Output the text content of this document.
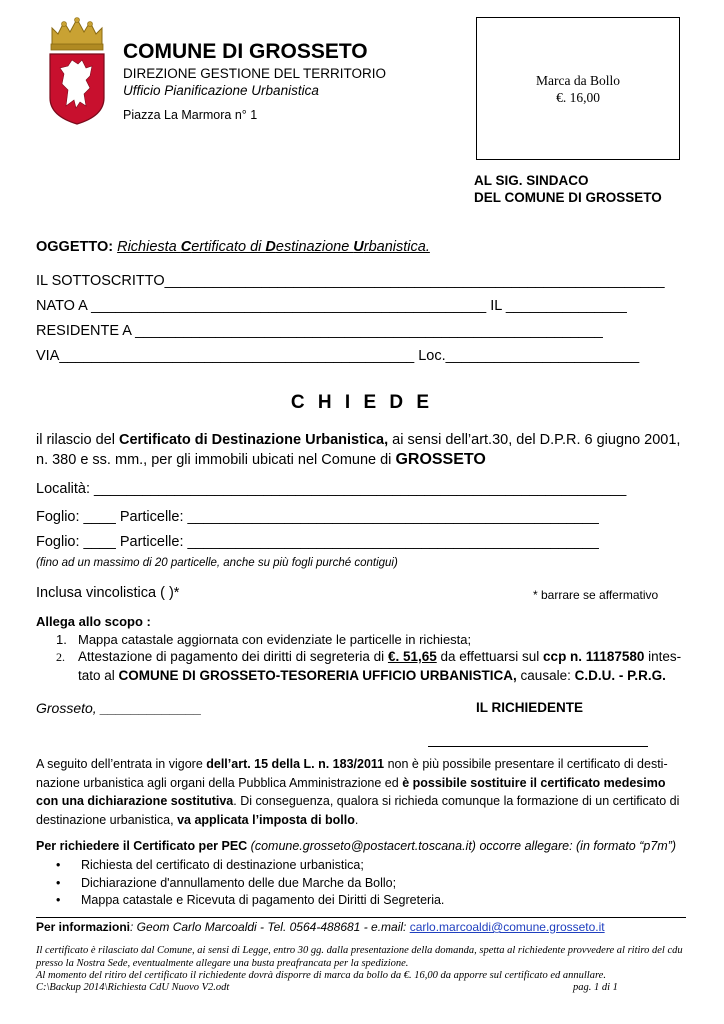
COMUNE DI GROSSETO
DIREZIONE GESTIONE DEL TERRITORIO
Ufficio Pianificazione Urbanistica
Piazza La Marmora n° 1
Marca da Bollo
€. 16,00
AL SIG. SINDACO
DEL COMUNE DI GROSSETO
OGGETTO: Richiesta Certificato di Destinazione Urbanistica.
IL SOTTOSCRITTO______________________________________________________________
NATO A _________________________________________________ IL _______________
RESIDENTE A __________________________________________________________
VIA____________________________________________ Loc.________________________
C H I E D E
il rilascio del Certificato di Destinazione Urbanistica, ai sensi dell’art.30, del D.P.R. 6 giugno 2001, n. 380 e ss. mm., per gli immobili ubicati nel Comune di GROSSETO
Località: __________________________________________________________________
Foglio: ____ Particelle: ___________________________________________________
Foglio: ____ Particelle: ___________________________________________________
(fino ad un massimo di 20 particelle, anche su più fogli purché contigui)
Inclusa vincolistica ( )*	* barrare se affermativo
Allega allo scopo :
1. Mappa catastale aggiornata con evidenziate le particelle in richiesta;
2. Attestazione di pagamento dei diritti di segreteria di €. 51,65 da effettuarsi sul ccp n. 11187580 intes-
tato al COMUNE DI GROSSETO-TESORERIA UFFICIO URBANISTICA, causale: C.D.U. - P.R.G.
Grosseto, _____________	IL RICHIEDENTE
A seguito dell’entrata in vigore dell’art. 15 della L. n. 183/2011 non è più possibile presentare il certificato di desti-nazione urbanistica agli organi della Pubblica Amministrazione ed è possibile sostituire il certificato medesimo con una dichiarazione sostitutiva. Di conseguenza, qualora si richieda comunque la formazione di un certificato di destinazione urbanistica, va applicata l’imposta di bollo.
Per richiedere il Certificato per PEC (comune.grosseto@postacert.toscana.it) occorre allegare: (in formato “p7m”)
• Richiesta del certificato di destinazione urbanistica;
• Dichiarazione d'annullamento delle due Marche da Bollo;
• Mappa catastale e Ricevuta di pagamento dei Diritti di Segreteria.
Per informazioni: Geom Carlo Marcoaldi - Tel. 0564-488681 - e.mail: carlo.marcoaldi@comune.grosseto.it
Il certificato è rilasciato dal Comune, ai sensi di Legge, entro 30 gg. dalla presentazione della domanda, spetta al richiedente provvedere al ritiro del cdu presso la Nostra Sede, eventualmente allegare una busta preafrancata per la spedizione.
Al momento del ritiro del certificato il richiedente dovrà disporre di marca da bollo da €. 16,00 da apporre sul certificato ed annullare.
C:\Backup 2014\Richiesta CdU Nuovo V2.odt	pag. 1 di 1
